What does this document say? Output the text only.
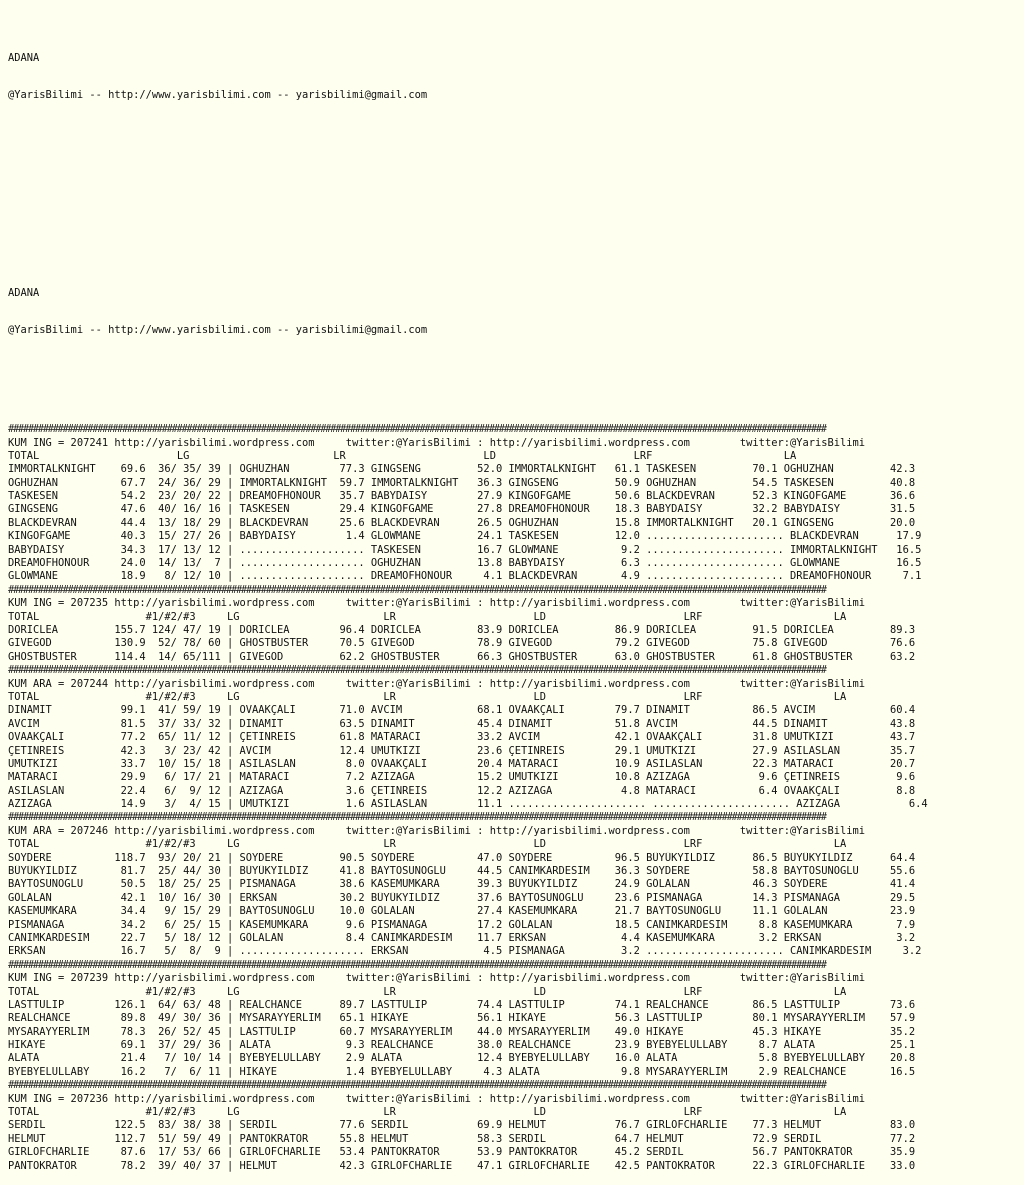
ADANA

@YarisBilimi -- http://www.yarisbilimi.com -- yarisbilimi@gmail.com

ADANA

@YarisBilimi -- http://www.yarisbilimi.com -- yarisbilimi@gmail.com

#####################################################################################################################################################################
KUM ING = 207241 http://yarisbilimi.wordpress.com     twitter:@YarisBilimi : http://yarisbilimi.wordpress.com        twitter:@YarisBilimi
TOTAL                      LG                       LR                      LD                      LRF                     LA
IMMORTALKNIGHT    69.6  36/ 35/ 39 | OGHUZHAN        77.3 GINGSENG         52.0 IMMORTALKNIGHT   61.1 TASKESEN         70.1 OGHUZHAN         42.3
OGHUZHAN          67.7  24/ 36/ 29 | IMMORTALKNIGHT  59.7 IMMORTALKNIGHT   36.3 GINGSENG         50.9 OGHUZHAN         54.5 TASKESEN         40.8
TASKESEN          54.2  23/ 20/ 22 | DREAMOFHONOUR   35.7 BABYDAISY        27.9 KINGOFGAME       50.6 BLACKDEVRAN      52.3 KINGOFGAME       36.6
GINGSENG          47.6  40/ 16/ 16 | TASKESEN        29.4 KINGOFGAME       27.8 DREAMOFHONOUR    18.3 BABYDAISY        32.2 BABYDAISY        31.5
BLACKDEVRAN       44.4  13/ 18/ 29 | BLACKDEVRAN     25.6 BLACKDEVRAN      26.5 OGHUZHAN         15.8 IMMORTALKNIGHT   20.1 GINGSENG         20.0
KINGOFGAME        40.3  15/ 27/ 26 | BABYDAISY        1.4 GLOWMANE         24.1 TASKESEN         12.0 ...................... BLACKDEVRAN      17.9
BABYDAISY         34.3  17/ 13/ 12 | .................... TASKESEN         16.7 GLOWMANE          9.2 ...................... IMMORTALKNIGHT   16.5
DREAMOFHONOUR     24.0  14/ 13/  7 | .................... OGHUZHAN         13.8 BABYDAISY         6.3 ...................... GLOWMANE         16.5
GLOWMANE          18.9   8/ 12/ 10 | .................... DREAMOFHONOUR     4.1 BLACKDEVRAN       4.9 ...................... DREAMOFHONOUR     7.1
#####################################################################################################################################################################
KUM ING = 207235 http://yarisbilimi.wordpress.com     twitter:@YarisBilimi : http://yarisbilimi.wordpress.com        twitter:@YarisBilimi
TOTAL                 #1/#2/#3     LG                       LR                      LD                      LRF                     LA
DORICLEA         155.7 124/ 47/ 19 | DORICLEA        96.4 DORICLEA         83.9 DORICLEA         86.9 DORICLEA         91.5 DORICLEA         89.3
GIVEGOD          130.9  52/ 78/ 60 | GHOSTBUSTER     70.5 GIVEGOD          78.9 GIVEGOD          79.2 GIVEGOD          75.8 GIVEGOD          76.6
GHOSTBUSTER      114.4  14/ 65/111 | GIVEGOD         62.2 GHOSTBUSTER      66.3 GHOSTBUSTER      63.0 GHOSTBUSTER      61.8 GHOSTBUSTER      63.2
#####################################################################################################################################################################
KUM ARA = 207244 http://yarisbilimi.wordpress.com     twitter:@YarisBilimi : http://yarisbilimi.wordpress.com        twitter:@YarisBilimi
TOTAL                 #1/#2/#3     LG                       LR                      LD                      LRF                     LA
DINAMIT           99.1  41/ 59/ 19 | OVAAKÇALI       71.0 AVCIM            68.1 OVAAKÇALI        79.7 DINAMIT          86.5 AVCIM            60.4
AVCIM             81.5  37/ 33/ 32 | DINAMIT         63.5 DINAMIT          45.4 DINAMIT          51.8 AVCIM            44.5 DINAMIT          43.8
OVAAKÇALI         77.2  65/ 11/ 12 | ÇETINREIS       61.8 MATARACI         33.2 AVCIM            42.1 OVAAKÇALI        31.8 UMUTKIZI         43.7
ÇETINREIS         42.3   3/ 23/ 42 | AVCIM           12.4 UMUTKIZI         23.6 ÇETINREIS        29.1 UMUTKIZI         27.9 ASILASLAN        35.7
UMUTKIZI          33.7  10/ 15/ 18 | ASILASLAN        8.0 OVAAKÇALI        20.4 MATARACI         10.9 ASILASLAN        22.3 MATARACI         20.7
MATARACI          29.9   6/ 17/ 21 | MATARACI         7.2 AZIZAGA          15.2 UMUTKIZI         10.8 AZIZAGA           9.6 ÇETINREIS         9.6
ASILASLAN         22.4   6/  9/ 12 | AZIZAGA          3.6 ÇETINREIS        12.2 AZIZAGA           4.8 MATARACI          6.4 OVAAKÇALI         8.8
AZIZAGA           14.9   3/  4/ 15 | UMUTKIZI         1.6 ASILASLAN        11.1 ...................... ...................... AZIZAGA           6.4
#####################################################################################################################################################################
KUM ARA = 207246 http://yarisbilimi.wordpress.com     twitter:@YarisBilimi : http://yarisbilimi.wordpress.com        twitter:@YarisBilimi
TOTAL                 #1/#2/#3     LG                       LR                      LD                      LRF                     LA
SOYDERE          118.7  93/ 20/ 21 | SOYDERE         90.5 SOYDERE          47.0 SOYDERE          96.5 BÜYÜKYILDIZ      86.5 BÜYÜKYILDIZ      64.4
BÜYÜKYILDIZ       81.7  25/ 44/ 30 | BÜYÜKYILDIZ     41.8 BAYTOSUNOGLU     44.5 CANIMKARDESIM    36.3 SOYDERE          58.8 BAYTOSUNOGLU     55.6
BAYTOSUNOGLU      50.5  18/ 25/ 25 | PISMANAGA       38.6 KASEMUMKARA      39.3 BÜYÜKYILDIZ      24.9 GÖLALAN          46.3 SOYDERE          41.4
GÖLALAN           42.1  10/ 16/ 30 | ERKSAN          30.2 BÜYÜKYILDIZ      37.6 BAYTOSUNOGLU     23.6 PISMANAGA        14.3 PISMANAGA        29.5
KASEMUMKARA       34.4   9/ 15/ 29 | BAYTOSUNOGLU    10.0 GÖLALAN          27.4 KASEMUMKARA      21.7 BAYTOSUNOGLU     11.1 GÖLALAN          23.9
PISMANAGA         34.2   6/ 25/ 15 | KASEMUMKARA      9.6 PISMANAGA        17.2 GÖLALAN          18.5 CANIMKARDESIM     8.8 KASEMUMKARA       7.9
CANIMKARDESIM     22.7   5/ 18/ 12 | GÖLALAN          8.4 CANIMKARDESIM    11.7 ERKSAN            4.4 KASEMUMKARA       3.2 ERKSAN            3.2
ERKSAN            16.7   5/  8/  9 | .................... ERKSAN            4.5 PISMANAGA         3.2 ...................... CANIMKARDESIM     3.2
#####################################################################################################################################################################
KUM ING = 207239 http://yarisbilimi.wordpress.com     twitter:@YarisBilimi : http://yarisbilimi.wordpress.com        twitter:@YarisBilimi
TOTAL                 #1/#2/#3     LG                       LR                      LD                      LRF                     LA
LASTTULIP        126.1  64/ 63/ 48 | REALCHANCE      89.7 LASTTULIP        74.4 LASTTULIP        74.1 REALCHANCE       86.5 LASTTULIP        73.6
REALCHANCE        89.8  49/ 30/ 36 | MYSARAYYERLIM   65.1 HIKAYE           56.1 HIKAYE           56.3 LASTTULIP        80.1 MYSARAYYERLIM    57.9
MYSARAYYERLIM     78.3  26/ 52/ 45 | LASTTULIP       60.7 MYSARAYYERLIM    44.0 MYSARAYYERLIM    49.0 HIKAYE           45.3 HIKAYE           35.2
HIKAYE            69.1  37/ 29/ 36 | ALATA            9.3 REALCHANCE       38.0 REALCHANCE       23.9 BYEBYELULLABY     8.7 ALATA            25.1
ALATA             21.4   7/ 10/ 14 | BYEBYELULLABY    2.9 ALATA            12.4 BYEBYELULLABY    16.0 ALATA             5.8 BYEBYELULLABY    20.8
BYEBYELULLABY     16.2   7/  6/ 11 | HIKAYE           1.4 BYEBYELULLABY     4.3 ALATA             9.8 MYSARAYYERLIM     2.9 REALCHANCE       16.5
#####################################################################################################################################################################
KUM ING = 207236 http://yarisbilimi.wordpress.com     twitter:@YarisBilimi : http://yarisbilimi.wordpress.com        twitter:@YarisBilimi
TOTAL                 #1/#2/#3     LG                       LR                      LD                      LRF                     LA
SERDIL           122.5  83/ 38/ 38 | SERDIL          77.6 SERDIL           69.9 HELMUT           76.7 GIRLOFCHARLIE    77.3 HELMUT           83.0
HELMUT           112.7  51/ 59/ 49 | PANTOKRATOR     55.8 HELMUT           58.3 SERDIL           64.7 HELMUT           72.9 SERDIL           77.2
GIRLOFCHARLIE     87.6  17/ 53/ 66 | GIRLOFCHARLIE   53.4 PANTOKRATOR      53.9 PANTOKRATOR      45.2 SERDIL           56.7 PANTOKRATOR      35.9
PANTOKRATOR       78.2  39/ 40/ 37 | HELMUT          42.3 GIRLOFCHARLIE    47.1 GIRLOFCHARLIE    42.5 PANTOKRATOR      22.3 GIRLOFCHARLIE    33.0
